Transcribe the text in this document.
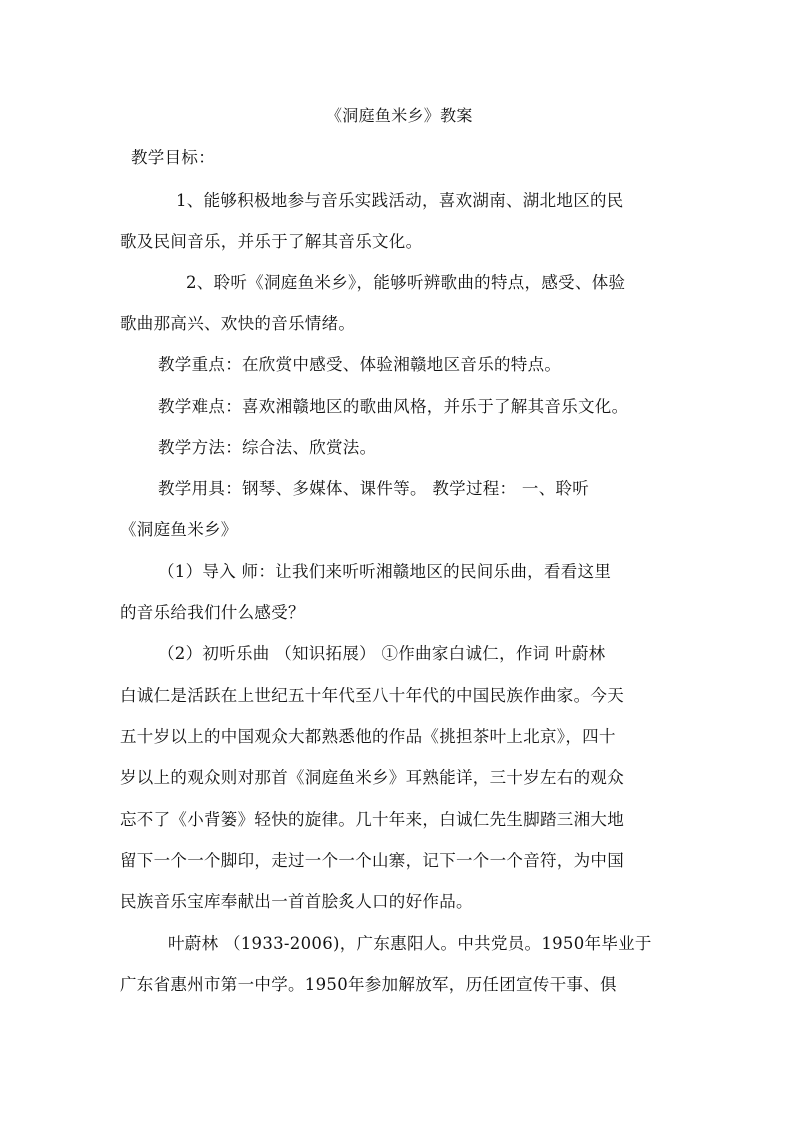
《洞庭鱼米乡》教案
教学目标：
1、能够积极地参与音乐实践活动，喜欢湖南、湖北地区的民
歌及民间音乐，并乐于了解其音乐文化。
2、聆听《洞庭鱼米乡》，能够听辨歌曲的特点，感受、体验
歌曲那高兴、欢快的音乐情绪。
教学重点：在欣赏中感受、体验湘赣地区音乐的特点。
教学难点：喜欢湘赣地区的歌曲风格，并乐于了解其音乐文化。
教学方法：综合法、欣赏法。
教学用具：钢琴、多媒体、课件等。 教学过程： 一、聆听
《洞庭鱼米乡》
（1）导入 师：让我们来听听湘赣地区的民间乐曲，看看这里
的音乐给我们什么感受？
（2）初听乐曲 （知识拓展） ①作曲家白诚仁，作词 叶蔚林
白诚仁是活跃在上世纪五十年代至八十年代的中国民族作曲家。今天
五十岁以上的中国观众大都熟悉他的作品《挑担茶叶上北京》，四十
岁以上的观众则对那首《洞庭鱼米乡》耳熟能详，三十岁左右的观众
忘不了《小背篓》轻快的旋律。几十年来，白诚仁先生脚踏三湘大地
留下一个一个脚印，走过一个一个山寨，记下一个一个音符，为中国
民族音乐宝库奉献出一首首脍炙人口的好作品。
叶蔚林 （1933-2006)，广东惠阳人。中共党员。1950年毕业于
广东省惠州市第一中学。1950年参加解放军，历任团宣传干事、俱
